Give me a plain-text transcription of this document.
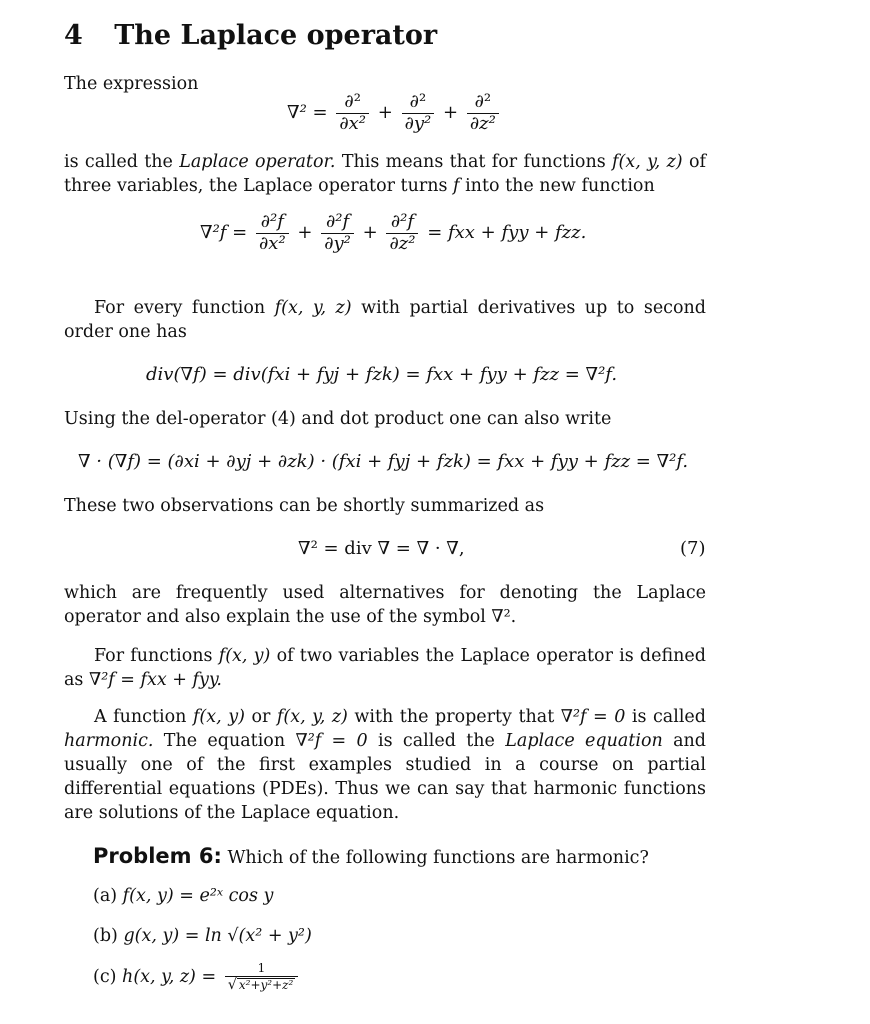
4 The Laplace operator
The expression
$\nabla^2 = \frac{\text{∂²}}{\text{∂x²}} + \frac{\text{∂²}}{\text{∂y²}} + \frac{\text{∂²}}{\text{∂z²}}$
is called the Laplace operator. This means that for functions f(x, y, z) of three variables, the Laplace operator turns f into the new function
$\nabla^2f = \frac{\text{∂²f}}{\text{∂x²}} + \frac{\text{∂²f}}{\text{∂y²}} + \frac{\text{∂²f}}{\text{∂z²}}$ = fxx + fyy + fzz.
For every function f(x, y, z) with partial derivatives up to second order one has
div(∇f) = div(fxi + fyj + fzk) = fxx + fyy + fzz = ∇²f.
Using the del-operator (4) and dot product one can also write
∇ · (∇f) = (∂xi + ∂yj + ∂zk) · (fxi + fyj + fzk) = fxx + fyy + fzz = ∇²f.
These two observations can be shortly summarized as
∇² = div ∇ = ∇ · ∇,	(7)
which are frequently used alternatives for denoting the Laplace operator and also explain the use of the symbol ∇².
For functions f(x, y) of two variables the Laplace operator is defined as ∇²f = fxx + fyy.
A function f(x, y) or f(x, y, z) with the property that ∇²f = 0 is called harmonic. The equation ∇²f = 0 is called the Laplace equation and usually one of the first examples studied in a course on partial differential equations (PDEs). Thus we can say that harmonic functions are solutions of the Laplace equation.
Problem 6: Which of the following functions are harmonic?
(a) f(x, y) = e²ˣ cos y
(b) g(x, y) = ln √(x² + y²)
(c) h(x, y, $z) = \frac{1}{\text{√ x²+y²+z²}}$
